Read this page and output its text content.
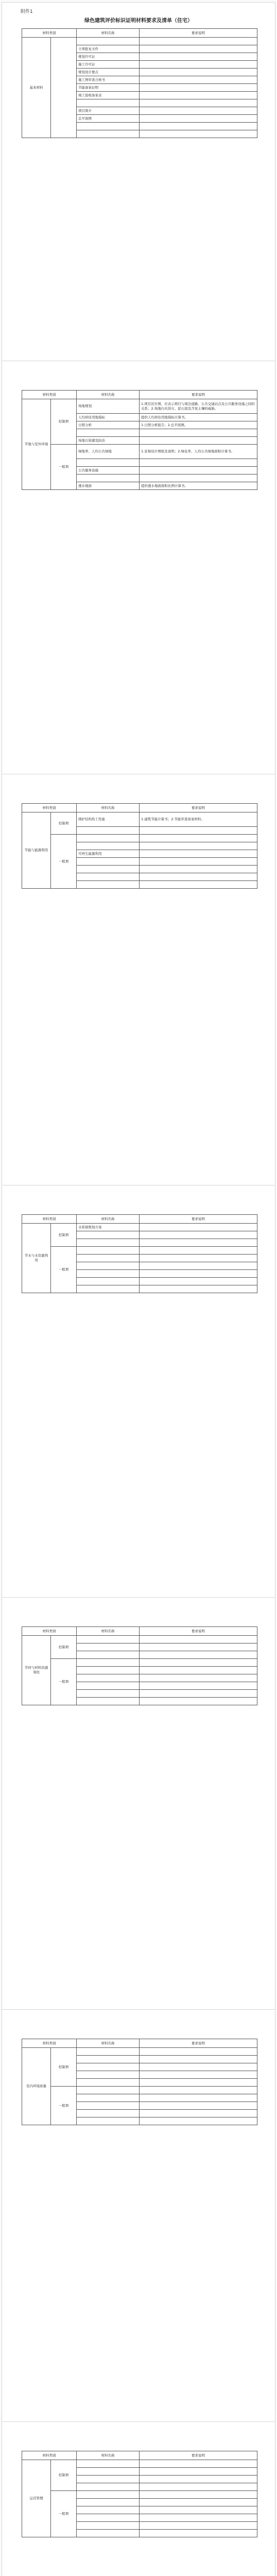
附件1
绿色建筑评价标识证明材料要求及清单（住宅）
材料类别		材料名称	要求说明
基本材料			
		立项批复文件	
		规划许可证	
		施工许可证	
		规划设计要点	
		施工图审查合格书	
		节能备案证明	
		竣工验收备案表	

		项目简介	
		总平面图	

材料类别		材料名称	要求说明
节地与室外环境	控制项	场地规划	1.项目区位图，应表示项目与周边道路、公共交通站点及公共服务设施之间的关系；2.场地内无洪灾、泥石流及含氡土壤的威胁。
		人均居住用地指标	提供人均居住用地指标计算书。
		日照分析	1.日照分析报告；2.总平面图。

		场地污染源及防治	
	一般项	绿地率、人均公共绿地	1.景观设计图纸及说明；2.绿化率、人均公共绿地面积计算书。

		公共服务设施	

		透水地面	提供透水地面面积比例计算书。
材料类别		材料名称	要求说明
节能与能源利用	控制项	围护结构热工性能	1.建筑节能计算书；2.节能审查备案材料。

	一般项		

		可再生能源利用	

材料类别		材料名称	要求说明
节水与水资源利用	控制项	水系统规划方案	

	一般项		

材料类别		材料名称	要求说明
节材与材料资源利用	控制项		

	一般项		

材料类别		材料名称	要求说明
室内环境质量	控制项		

	一般项		

材料类别		材料名称	要求说明
运营管理	控制项		

	一般项		
